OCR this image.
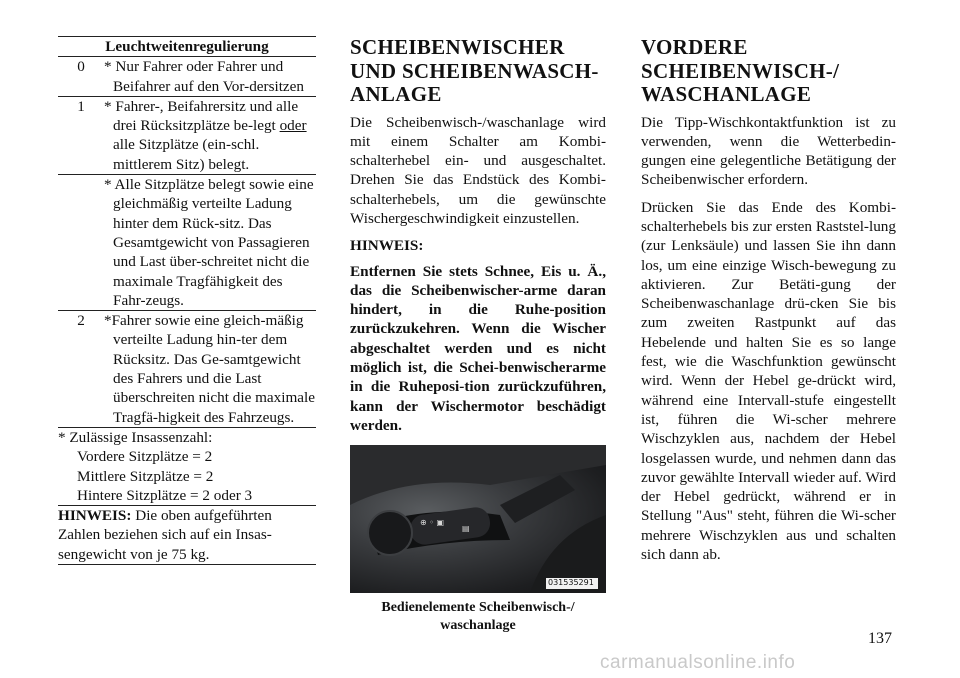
Leuchtweitenregulierung
0	* Nur Fahrer oder Fahrer und Beifahrer auf den Vor-dersitzen
1	* Fahrer-, Beifahrersitz und alle drei Rücksitzplätze be-legt oder alle Sitzplätze (ein-schl. mittlerem Sitz) belegt.
* Alle Sitzplätze belegt sowie eine gleichmäßig verteilte Ladung hinter dem Rück-sitz. Das Gesamtgewicht von Passagieren und Last über-schreitet nicht die maximale Tragfähigkeit des Fahr-zeugs.
2	*Fahrer sowie eine gleich-mäßig verteilte Ladung hin-ter dem Rücksitz. Das Ge-samtgewicht des Fahrers und die Last überschreiten nicht die maximale Tragfä-higkeit des Fahrzeugs.
* Zulässige Insassenzahl:
Vordere Sitzplätze = 2
Mittlere Sitzplätze = 2
Hintere Sitzplätze = 2 oder 3
HINWEIS: Die oben aufgeführten Zahlen beziehen sich auf ein Insas-sengewicht von je 75 kg.
SCHEIBENWISCHER UND SCHEIBENWASCH-ANLAGE

Die Scheibenwisch-/waschanlage wird mit einem Schalter am Kombi-schalterhebel ein- und ausgeschaltet. Drehen Sie das Endstück des Kombi-schalterhebels, um die gewünschte Wischergeschwindigkeit einzustellen.

HINWEIS:

Entfernen Sie stets Schnee, Eis u. Ä., das die Scheibenwischer-arme daran hindert, in die Ruhe-position zurückzukehren. Wenn die Wischer abgeschaltet werden und es nicht möglich ist, die Schei-benwischerarme in die Ruheposi-tion zurückzuführen, kann der Wischermotor beschädigt werden.

⊕ ◦ ▣
▤
031535291
Bedienelemente Scheibenwisch-/ waschanlage
VORDERE SCHEIBENWISCH-/ WASCHANLAGE

Die Tipp-Wischkontaktfunktion ist zu verwenden, wenn die Wetterbedin-gungen eine gelegentliche Betätigung der Scheibenwischer erfordern.

Drücken Sie das Ende des Kombi-schalterhebels bis zur ersten Raststel-lung (zur Lenksäule) und lassen Sie ihn dann los, um eine einzige Wisch-bewegung zu aktivieren. Zur Betäti-gung der Scheibenwaschanlage drü-cken Sie bis zum zweiten Rastpunkt auf das Hebelende und halten Sie es so lange fest, wie die Waschfunktion gewünscht wird. Wenn der Hebel ge-drückt wird, während eine Intervall-stufe eingestellt ist, führen die Wi-scher mehrere Wischzyklen aus, nachdem der Hebel losgelassen wurde, und nehmen dann das zuvor gewählte Intervall wieder auf. Wird der Hebel gedrückt, während er in Stellung "Aus" steht, führen die Wi-scher mehrere Wischzyklen aus und schalten sich dann ab.

137
carmanualsonline.info
